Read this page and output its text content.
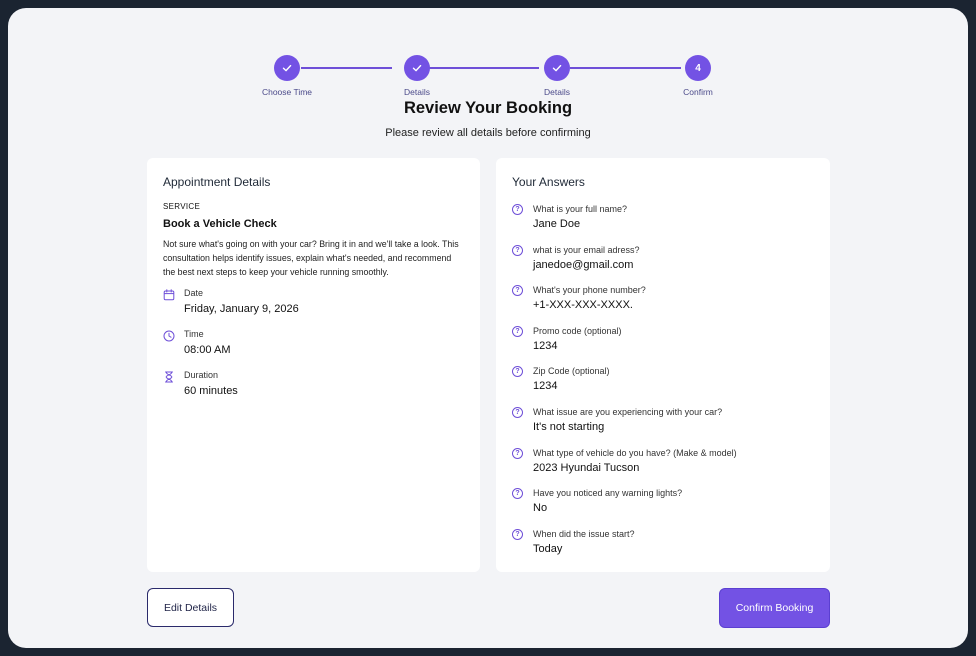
Choose Time	Details	Details
4
Confirm
Review Your Booking
Please review all details before confirming
Appointment Details
SERVICE
Book a Vehicle Check
Not sure what's going on with your car? Bring it in and we'll take a look. This consultation helps identify issues, explain what's needed, and recommend the best next steps to keep your vehicle running smoothly.
Date
Friday, January 9, 2026
Time
08:00 AM
Duration
60 minutes
Your Answers
?	What is your full name?
Jane Doe
?	what is your email adress?
janedoe@gmail.com
?	What's your phone number?
+1-XXX-XXX-XXXX.
?	Promo code (optional)
1234
?	Zip Code (optional)
1234
?	What issue are you experiencing with your car?
It's not starting
?	What type of vehicle do you have? (Make & model)
2023 Hyundai Tucson
?	Have you noticed any warning lights?
No
?	When did the issue start?
Today
Edit Details	Confirm Booking
